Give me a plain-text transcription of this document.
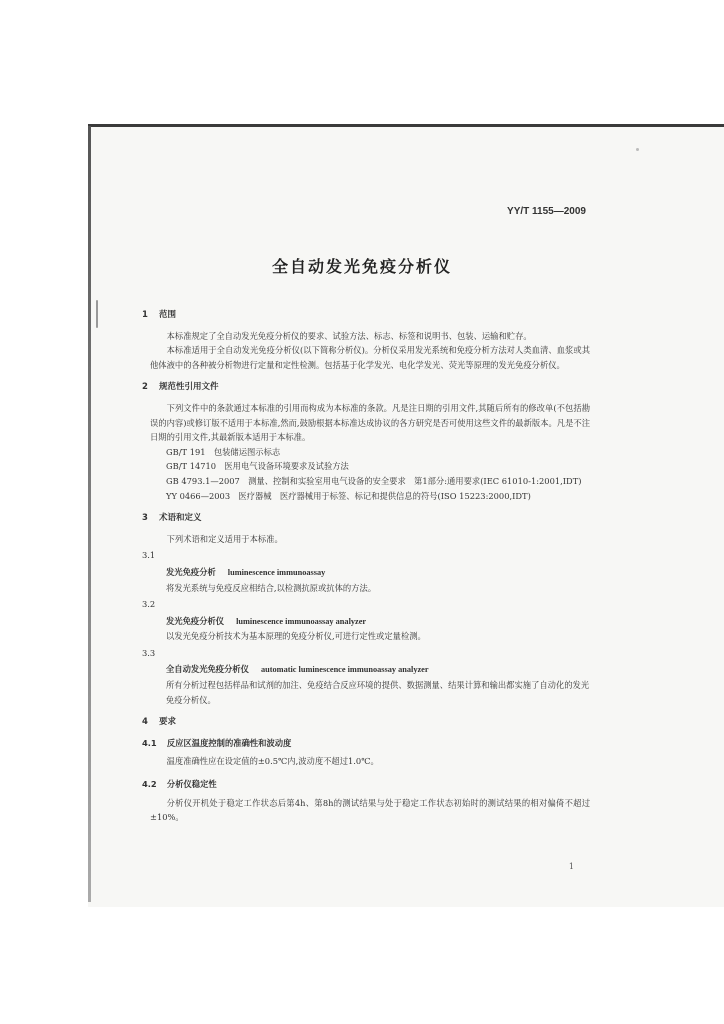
YY/T 1155—2009
全自动发光免疫分析仪
1 范围

本标准规定了全自动发光免疫分析仪的要求、试验方法、标志、标签和说明书、包装、运输和贮存。

本标准适用于全自动发光免疫分析仪(以下简称分析仪)。分析仪采用发光系统和免疫分析方法对人类血清、血浆或其他体液中的各种被分析物进行定量和定性检测。包括基于化学发光、电化学发光、荧光等原理的发光免疫分析仪。

2 规范性引用文件

下列文件中的条款通过本标准的引用而构成为本标准的条款。凡是注日期的引用文件,其随后所有的修改单(不包括勘误的内容)或修订版不适用于本标准,然而,鼓励根据本标准达成协议的各方研究是否可使用这些文件的最新版本。凡是不注日期的引用文件,其最新版本适用于本标准。

GB/T 191　包装储运图示标志

GB/T 14710　医用电气设备环境要求及试验方法

GB 4793.1—2007　测量、控制和实验室用电气设备的安全要求　第1部分:通用要求(IEC 61010-1:2001,IDT)

YY 0466—2003　医疗器械　医疗器械用于标签、标记和提供信息的符号(ISO 15223:2000,IDT)

3 术语和定义

下列术语和定义适用于本标准。

3.1
发光免疫分析 luminescence immunoassay

将发光系统与免疫反应相结合,以检测抗原或抗体的方法。

3.2
发光免疫分析仪 luminescence immunoassay analyzer

以发光免疫分析技术为基本原理的免疫分析仪,可进行定性或定量检测。

3.3
全自动发光免疫分析仪 automatic luminescence immunoassay analyzer

所有分析过程包括样品和试剂的加注、免疫结合反应环境的提供、数据测量、结果计算和输出都实施了自动化的发光免疫分析仪。

4 要求
4.1 反应区温度控制的准确性和波动度

温度准确性应在设定值的±0.5℃内,波动度不超过1.0℃。

4.2 分析仪稳定性

分析仪开机处于稳定工作状态后第4h、第8h的测试结果与处于稳定工作状态初始时的测试结果的相对偏倚不超过±10%。

1
